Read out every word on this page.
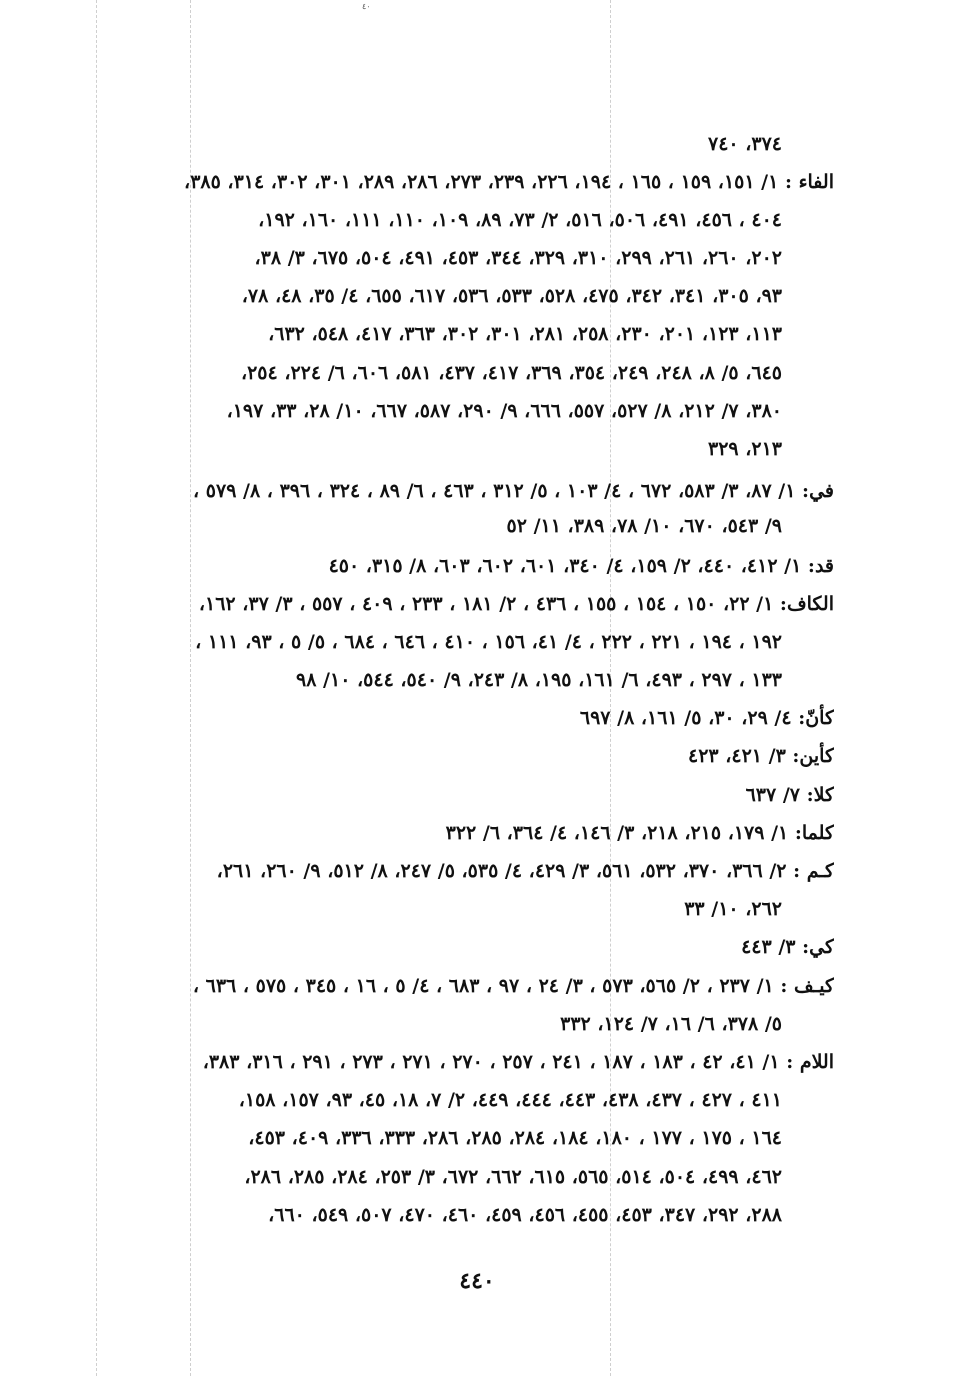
٤٠
٣٧٤، ٧٤٠
الفاء : ١/ ١٥١، ١٥٩ ، ١٦٥ ، ١٩٤، ٢٢٦، ٢٣٩، ٢٧٣، ٢٨٦، ٢٨٩، ٣٠١، ٣٠٢، ٣١٤، ٣٨٥،
٤٠٤ ، ٤٥٦، ٤٩١، ٥٠٦، ٥١٦، ٢/ ٧٣، ٨٩، ١٠٩، ١١٠، ١١١، ١٦٠، ١٩٢،
٢٠٢، ٢٦٠، ٢٦١، ٢٩٩، ٣١٠، ٣٢٩، ٣٤٤، ٤٥٣، ٤٩١، ٥٠٤، ٦٧٥، ٣/ ٣٨،
٩٣، ٣٠٥، ٣٤١، ٣٤٢، ٤٧٥، ٥٢٨، ٥٣٣، ٥٣٦، ٦١٧، ٦٥٥، ٤/ ٣٥، ٤٨، ٧٨،
١١٣، ١٢٣، ٢٠١، ٢٣٠، ٢٥٨، ٢٨١، ٣٠١، ٣٠٢، ٣٦٣، ٤١٧، ٥٤٨، ٦٣٢،
٦٤٥، ٥/ ٨، ٢٤٨، ٢٤٩، ٣٥٤، ٣٦٩، ٤١٧، ٤٣٧، ٥٨١، ٦٠٦، ٦/ ٢٢٤، ٢٥٤،
٣٨٠، ٧/ ٢١٢، ٨/ ٥٢٧، ٥٥٧، ٦٦٦، ٩/ ٢٩٠، ٥٨٧، ٦٦٧، ١٠/ ٢٨، ٣٣، ١٩٧،
٢١٣، ٣٢٩
في: ١/ ٨٧، ٣/ ٥٨٣، ٦٧٢ ، ٤/ ١٠٣ ، ٥/ ٣١٢ ، ٤٦٣ ، ٦/ ٨٩ ، ٣٢٤ ، ٣٩٦ ، ٨/ ٥٧٩ ،
٩/ ٥٤٣، ٦٧٠، ١٠/ ٧٨، ٣٨٩، ١١/ ٥٢
قد: ١/ ٤١٢، ٤٤٠، ٢/ ١٥٩، ٤/ ٣٤٠، ٦٠١، ٦٠٢، ٦٠٣، ٨/ ٣١٥، ٤٥٠
الكاف: ١/ ٢٢، ١٥٠ ، ١٥٤ ، ١٥٥ ، ٤٣٦ ، ٢/ ١٨١ ، ٢٣٣ ، ٤٠٩ ، ٥٥٧ ، ٣/ ٣٧، ١٦٢،
١٩٢ ، ١٩٤ ، ٢٢١ ، ٢٢٢ ، ٤/ ٤١، ١٥٦ ، ٤١٠ ، ٦٤٦ ، ٦٨٤ ، ٥/ ٥ ، ٩٣، ١١١ ،
١٣٣ ، ٢٩٧ ، ٤٩٣، ٦/ ١٦١، ١٩٥، ٨/ ٢٤٣، ٩/ ٥٤٠، ٥٤٤، ١٠/ ٩٨
كأنّ: ٤/ ٢٩، ٣٠، ٥/ ١٦١، ٨/ ٦٩٧
كأين: ٣/ ٤٢١، ٤٢٣
كلا: ٧/ ٦٣٧
كلما: ١/ ١٧٩، ٢١٥، ٢١٨، ٣/ ١٤٦، ٤/ ٣٦٤، ٦/ ٣٢٢
كـم : ٢/ ٣٦٦، ٣٧٠، ٥٣٢، ٥٦١، ٣/ ٤٢٩، ٤/ ٥٣٥، ٥/ ٢٤٧، ٨/ ٥١٢، ٩/ ٢٦٠، ٢٦١،
٢٦٢، ١٠/ ٣٣
كي: ٣/ ٤٤٣
كيـف : ١/ ٢٣٧ ، ٢/ ٥٦٥، ٥٧٣ ، ٣/ ٢٤ ، ٩٧ ، ٦٨٣ ، ٤/ ٥ ، ١٦ ، ٣٤٥ ، ٥٧٥ ، ٦٣٦ ،
٥/ ٣٧٨، ٦/ ١٦، ٧/ ١٢٤، ٣٣٢
اللام : ١/ ٤١، ٤٢ ، ١٨٣ ، ١٨٧ ، ٢٤١ ، ٢٥٧ ، ٢٧٠ ، ٢٧١ ، ٢٧٣ ، ٢٩١ ، ٣١٦، ٣٨٣،
٤١١ ، ٤٢٧ ، ٤٣٧، ٤٣٨، ٤٤٣، ٤٤٤، ٤٤٩، ٢/ ٧، ١٨، ٤٥، ٩٣، ١٥٧، ١٥٨،
١٦٤ ، ١٧٥ ، ١٧٧ ، ١٨٠، ١٨٤، ٢٨٤، ٢٨٥، ٢٨٦، ٣٣٣، ٣٣٦، ٤٠٩، ٤٥٣،
٤٦٢، ٤٩٩، ٥٠٤، ٥١٤، ٥٦٥، ٦١٥، ٦٦٢، ٦٧٢، ٣/ ٢٥٣، ٢٨٤، ٢٨٥، ٢٨٦،
٢٨٨، ٢٩٢، ٣٤٧، ٤٥٣، ٤٥٥، ٤٥٦، ٤٥٩، ٤٦٠، ٤٧٠، ٥٠٧، ٥٤٩، ٦٦٠،
٤٤٠
